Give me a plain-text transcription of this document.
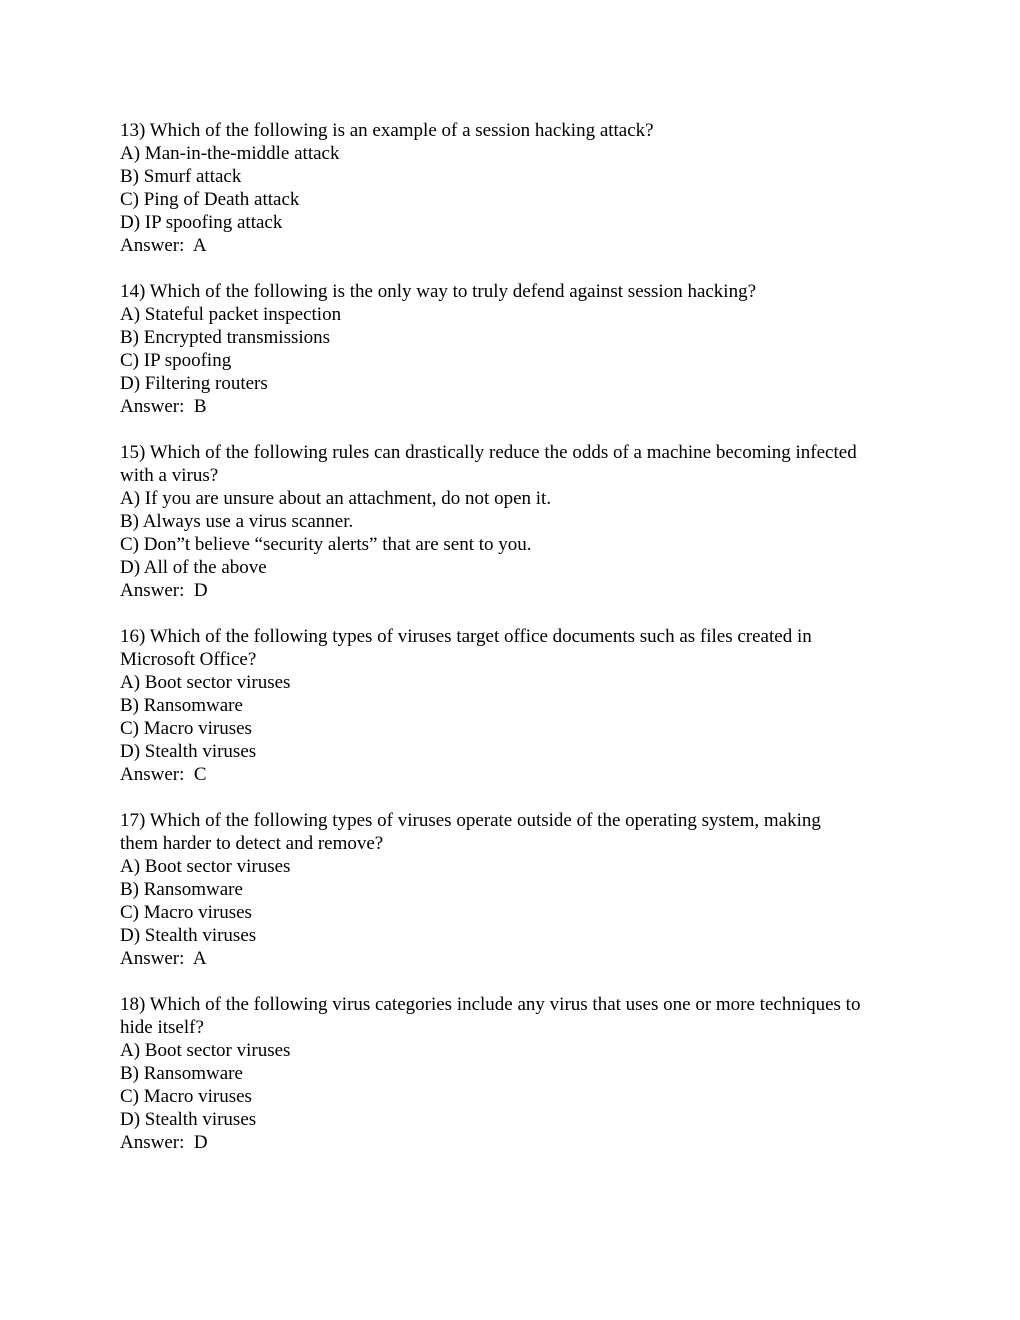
13) Which of the following is an example of a session hacking attack?
A) Man-in-the-middle attack
B) Smurf attack
C) Ping of Death attack
D) IP spoofing attack
Answer:  A
14) Which of the following is the only way to truly defend against session hacking?
A) Stateful packet inspection
B) Encrypted transmissions
C) IP spoofing
D) Filtering routers
Answer:  B
15) Which of the following rules can drastically reduce the odds of a machine becoming infected
with a virus?
A) If you are unsure about an attachment, do not open it.
B) Always use a virus scanner.
C) Don”t believe “security alerts” that are sent to you.
D) All of the above
Answer:  D
16) Which of the following types of viruses target office documents such as files created in
Microsoft Office?
A) Boot sector viruses
B) Ransomware
C) Macro viruses
D) Stealth viruses
Answer:  C
17) Which of the following types of viruses operate outside of the operating system, making
them harder to detect and remove?
A) Boot sector viruses
B) Ransomware
C) Macro viruses
D) Stealth viruses
Answer:  A
18) Which of the following virus categories include any virus that uses one or more techniques to
hide itself?
A) Boot sector viruses
B) Ransomware
C) Macro viruses
D) Stealth viruses
Answer:  D
